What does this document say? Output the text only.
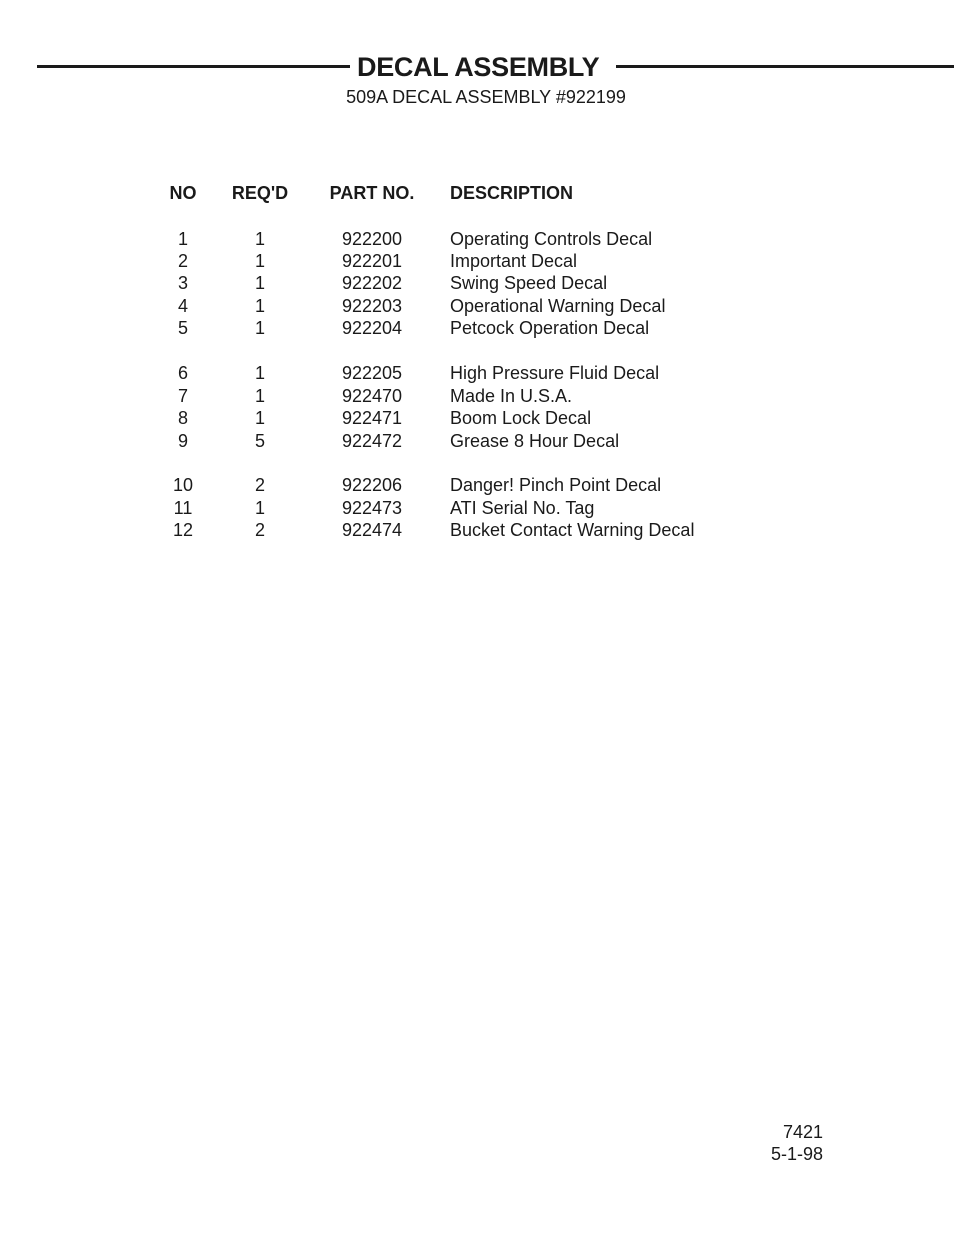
DECAL ASSEMBLY
509A DECAL ASSEMBLY #922199
NO	REQ'D	PART NO.	DESCRIPTION
1	1	922200	Operating Controls Decal
2	1	922201	Important Decal
3	1	922202	Swing Speed Decal
4	1	922203	Operational Warning Decal
5	1	922204	Petcock Operation Decal
6	1	922205	High Pressure Fluid Decal
7	1	922470	Made In U.S.A.
8	1	922471	Boom Lock Decal
9	5	922472	Grease 8 Hour Decal
10	2	922206	Danger! Pinch Point Decal
11	1	922473	ATI Serial No. Tag
12	2	922474	Bucket Contact Warning Decal
7421
5-1-98
